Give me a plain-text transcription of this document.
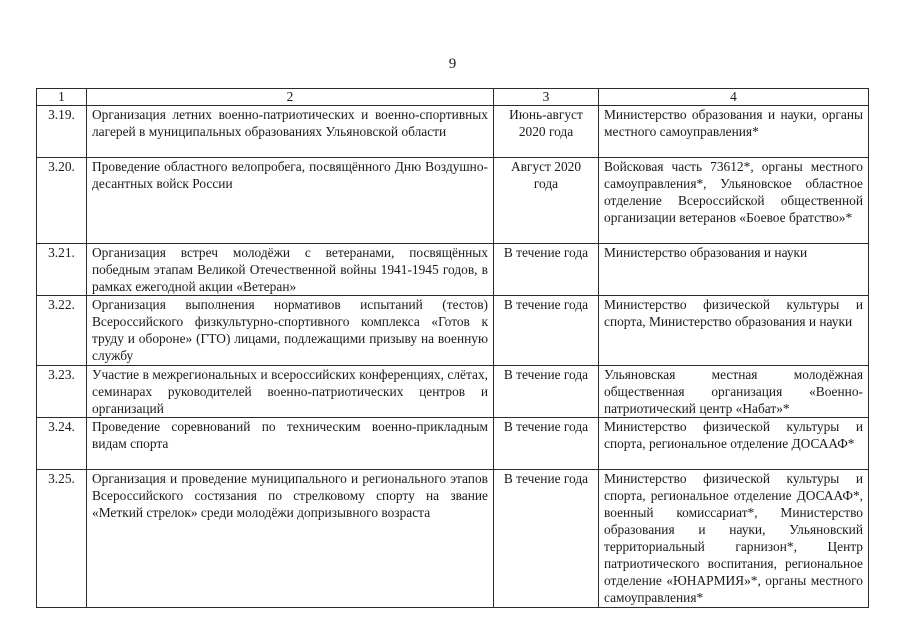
9
1	2	3	4
3.19.	Организация летних военно-патриотических и военно-спортивных лагерей в муниципальных образованиях Ульяновской области	Июнь-август 2020 года	Министерство образования и науки, органы местного самоуправления*
3.20.	Проведение областного велопробега, посвящённого Дню Воздушно-десантных войск России	Август 2020 года	Войсковая часть 73612*, органы местного самоуправления*, Ульяновское областное отделение Всероссийской общественной организации ветеранов «Боевое братство»*
3.21.	Организация встреч молодёжи с ветеранами, посвящённых победным этапам Великой Отечественной войны 1941-1945 годов, в рамках ежегодной акции «Ветеран»	В течение года	Министерство образования и науки
3.22.	Организация выполнения нормативов испытаний (тестов) Всероссийского физкультурно-спортивного комплекса «Готов к труду и обороне» (ГТО) лицами, подлежащими призыву на военную службу	В течение года	Министерство физической культуры и спорта, Министерство образования и науки
3.23.	Участие в межрегиональных и всероссийских конференциях, слётах, семинарах руководителей военно-патриотических центров и организаций	В течение года	Ульяновская местная молодёжная общественная организация «Военно-патриотический центр «Набат»*
3.24.	Проведение соревнований по техническим военно-прикладным видам спорта	В течение года	Министерство физической культуры и спорта, региональное отделение ДОСААФ*
3.25.	Организация и проведение муниципального и регионального этапов Всероссийского состязания по стрелковому спорту на звание «Меткий стрелок» среди молодёжи допризывного возраста	В течение года	Министерство физической культуры и спорта, региональное отделение ДОСААФ*, военный комиссариат*, Министерство образования и науки, Ульяновский территориальный гарнизон*, Центр патриотического воспитания, региональное отделение «ЮНАРМИЯ»*, органы местного самоуправления*
